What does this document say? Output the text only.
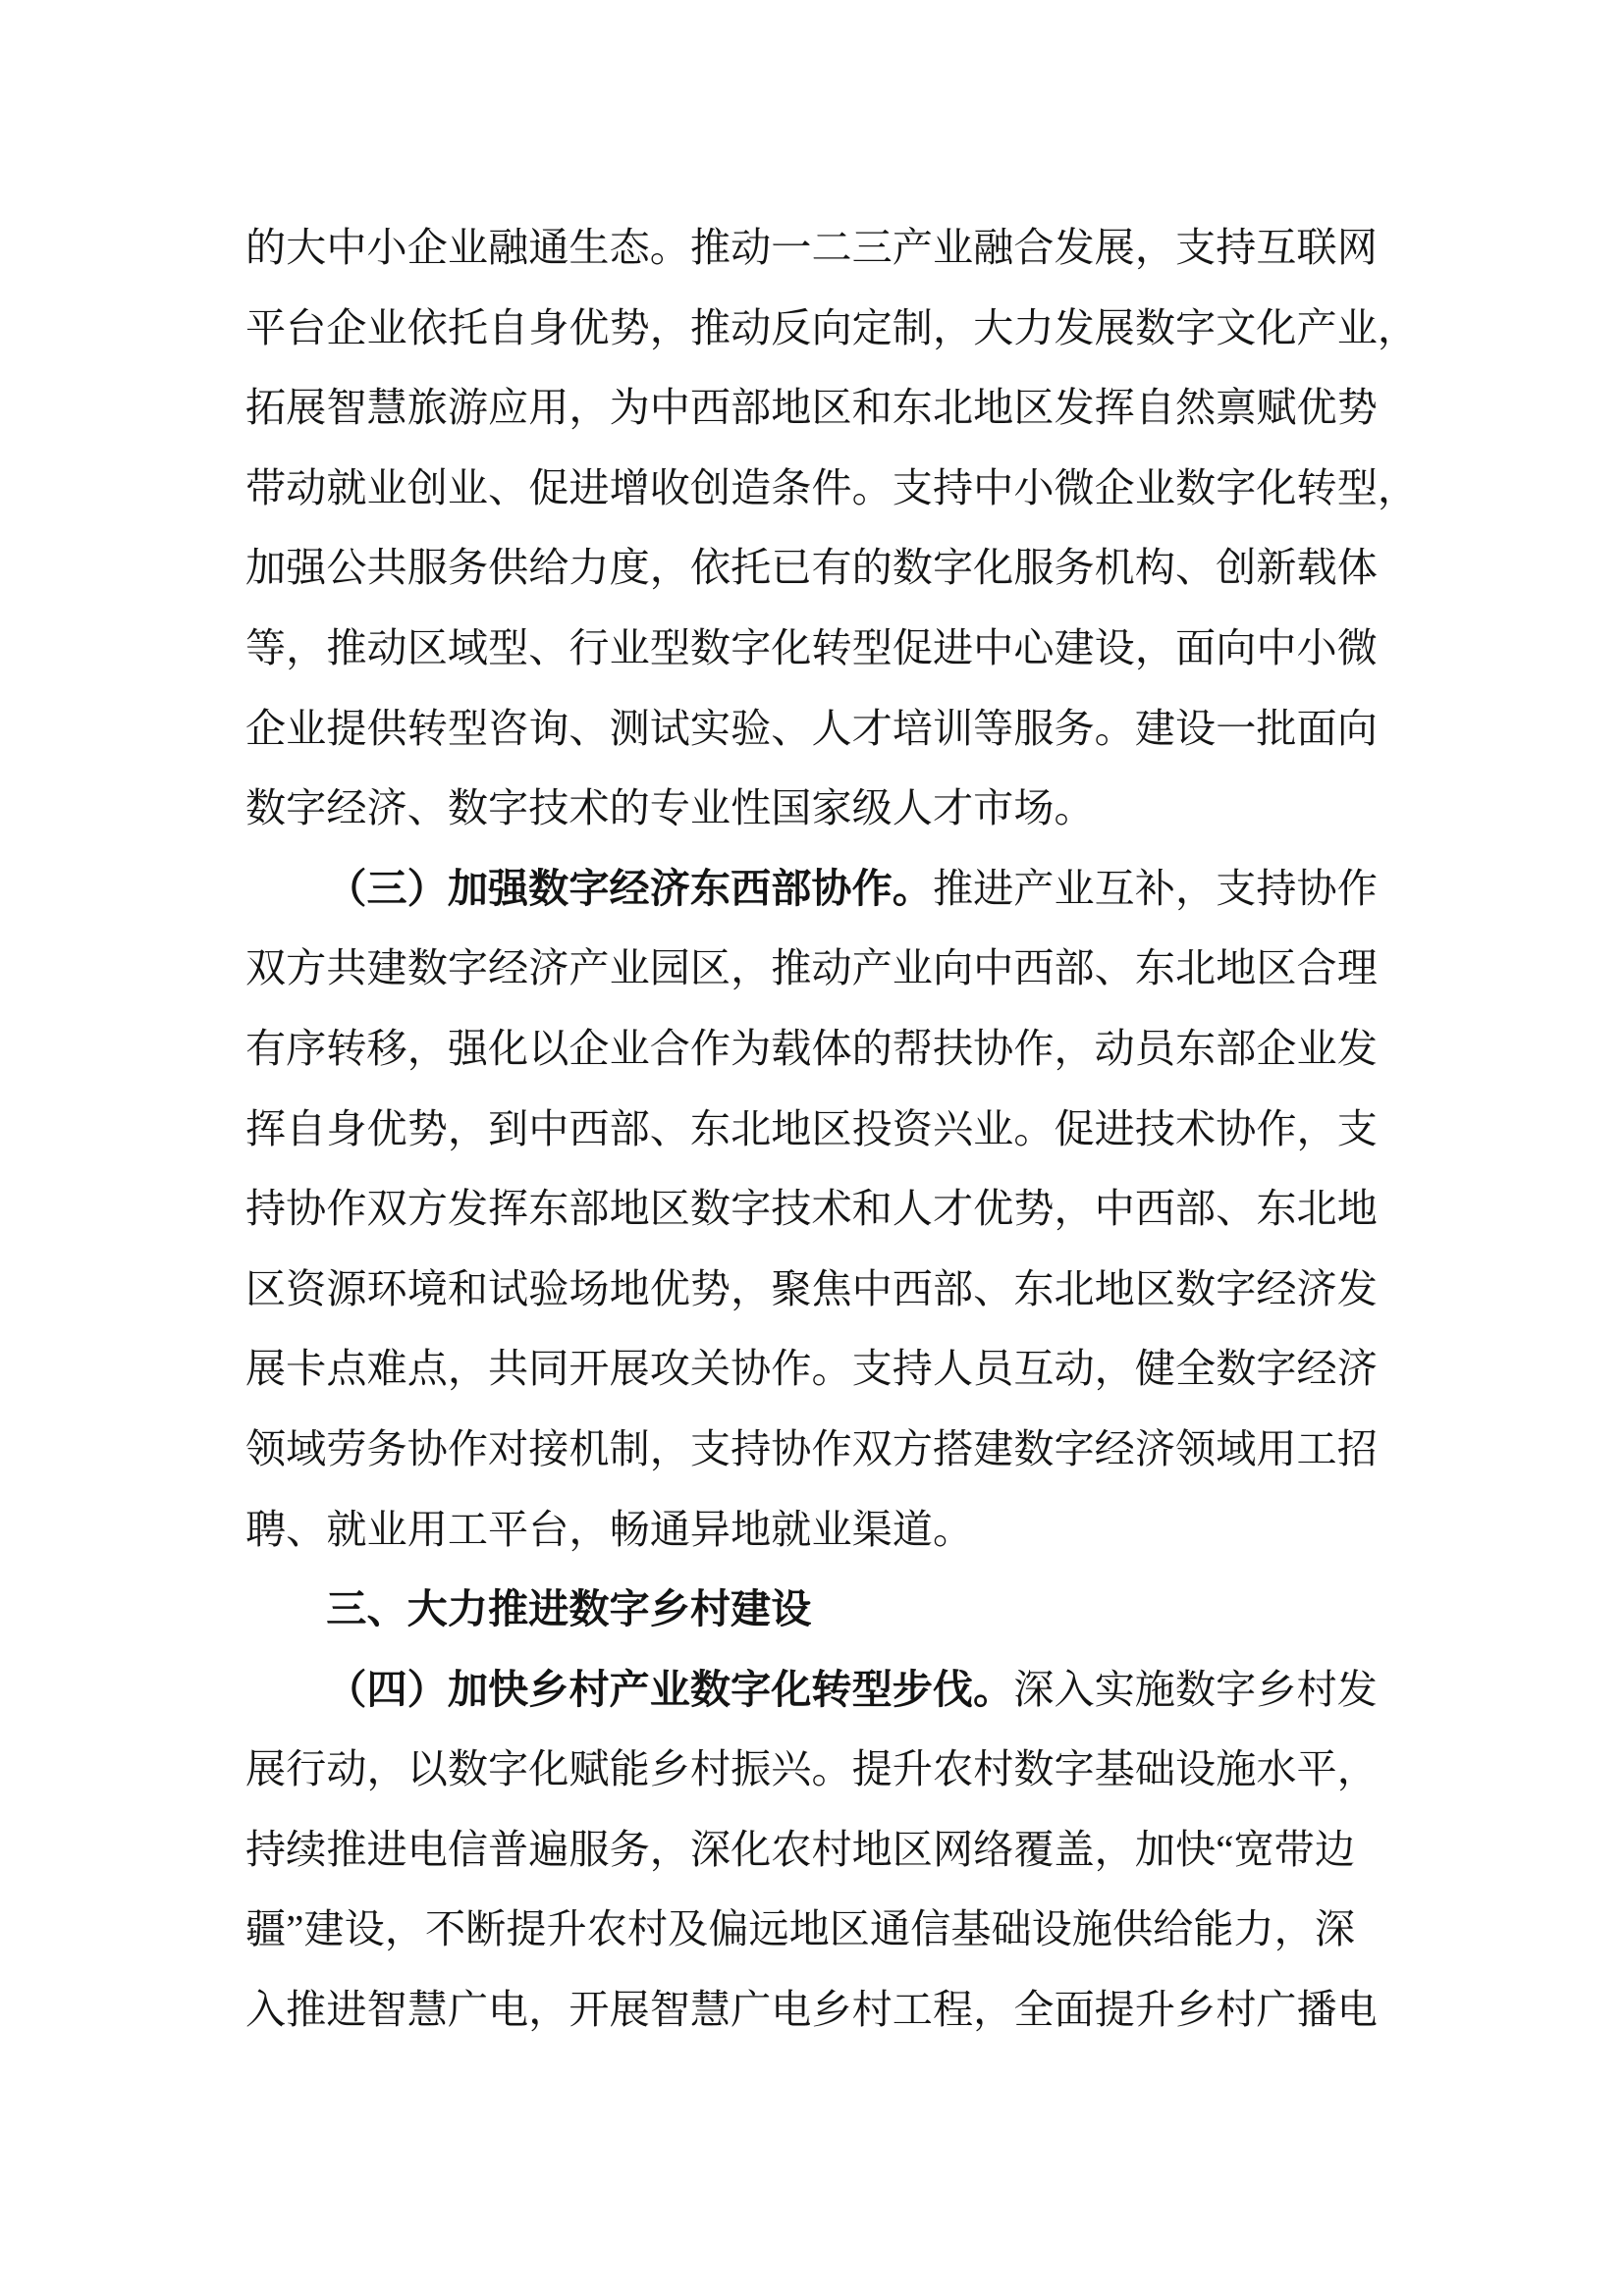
的大中小企业融通生态。推动一二三产业融合发展，支持互联网
平台企业依托自身优势，推动反向定制，大力发展数字文化产业，
拓展智慧旅游应用，为中西部地区和东北地区发挥自然禀赋优势
带动就业创业、促进增收创造条件。支持中小微企业数字化转型，
加强公共服务供给力度，依托已有的数字化服务机构、创新载体
等，推动区域型、行业型数字化转型促进中心建设，面向中小微
企业提供转型咨询、测试实验、人才培训等服务。建设一批面向
数字经济、数字技术的专业性国家级人才市场。
（三）加强数字经济东西部协作。推进产业互补，支持协作
双方共建数字经济产业园区，推动产业向中西部、东北地区合理
有序转移，强化以企业合作为载体的帮扶协作，动员东部企业发
挥自身优势，到中西部、东北地区投资兴业。促进技术协作，支
持协作双方发挥东部地区数字技术和人才优势，中西部、东北地
区资源环境和试验场地优势，聚焦中西部、东北地区数字经济发
展卡点难点，共同开展攻关协作。支持人员互动，健全数字经济
领域劳务协作对接机制，支持协作双方搭建数字经济领域用工招
聘、就业用工平台，畅通异地就业渠道。
三、大力推进数字乡村建设
（四）加快乡村产业数字化转型步伐。深入实施数字乡村发
展行动，以数字化赋能乡村振兴。提升农村数字基础设施水平，
持续推进电信普遍服务，深化农村地区网络覆盖，加快“宽带边
疆”建设，不断提升农村及偏远地区通信基础设施供给能力，深
入推进智慧广电，开展智慧广电乡村工程，全面提升乡村广播电
